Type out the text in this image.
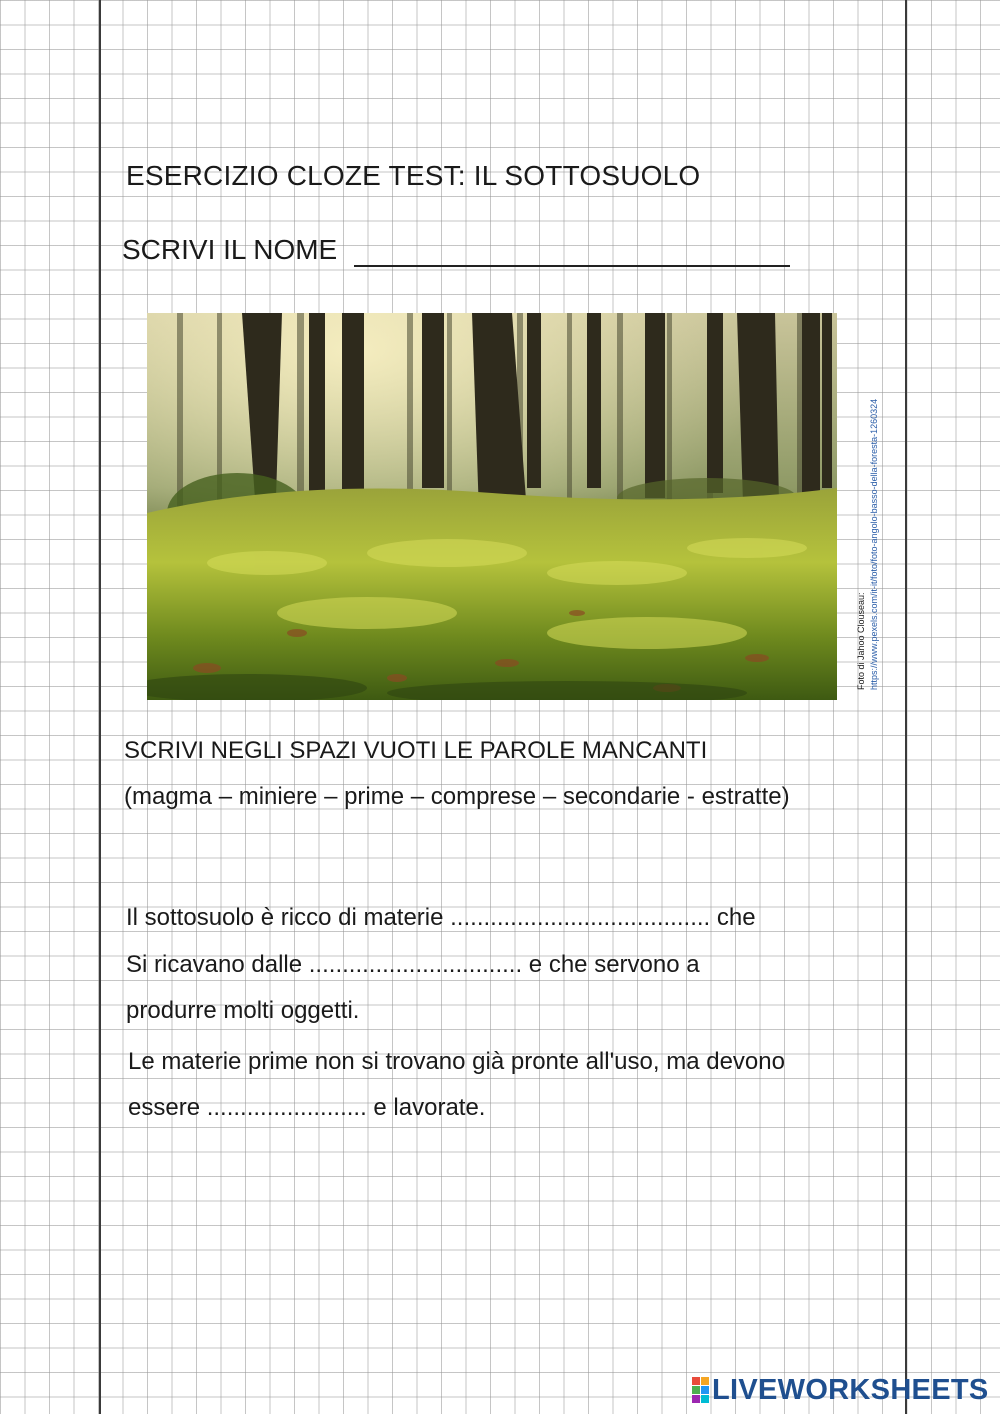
ESERCIZIO CLOZE TEST: IL SOTTOSUOLO
SCRIVI IL NOME
Foto di Jahoo Clouseau: https://www.pexels.com/it-it/foto/foto-angolo-basso-della-foresta-1260324
SCRIVI NEGLI SPAZI VUOTI LE PAROLE MANCANTI
(magma – miniere – prime – comprese – secondarie - estratte)
Il sottosuolo è ricco di materie ....................................... che
Si ricavano dalle ................................ e che servono a
produrre molti oggetti.
Le materie prime non si trovano già pronte all'uso, ma devono
essere ........................ e lavorate.
LIVEWORKSHEETS
